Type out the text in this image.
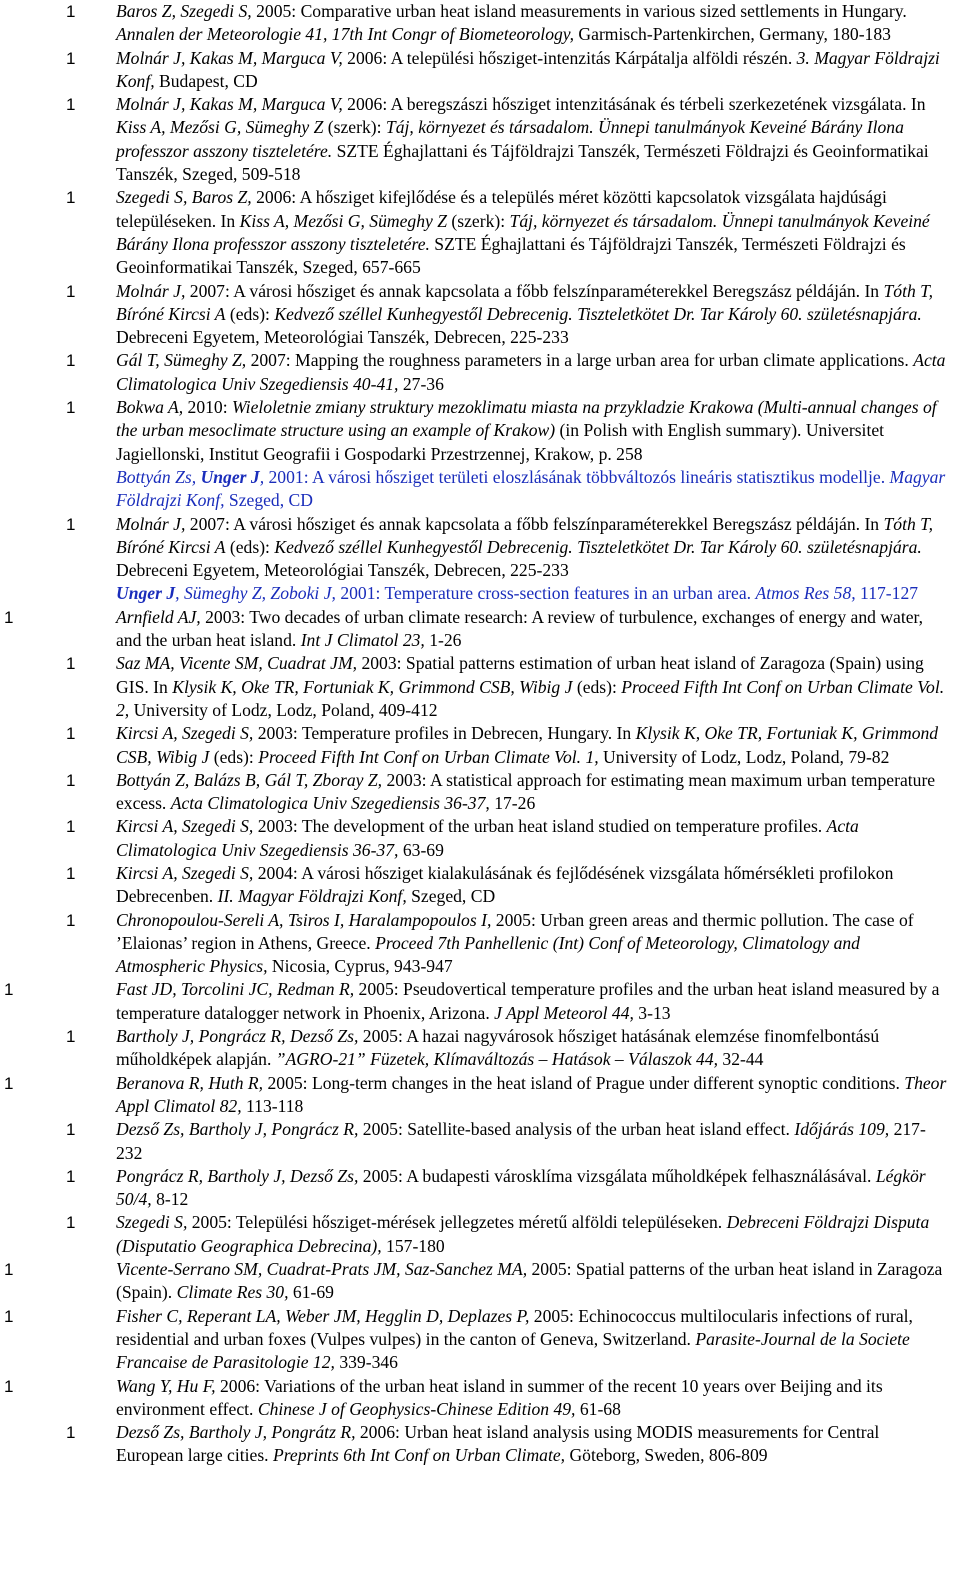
1 Baros Z, Szegedi S, 2005: Comparative urban heat island measurements in various sized settlements in Hungary. Annalen der Meteorologie 41, 17th Int Congr of Biometeorology, Garmisch-Partenkirchen, Germany, 180-183
1 Molnár J, Kakas M, Marguca V, 2006: A települési hősziget-intenzitás Kárpátalja alföldi részén. 3. Magyar Földrajzi Konf, Budapest, CD
1 Molnár J, Kakas M, Marguca V, 2006: A beregszászi hősziget intenzitásának és térbeli szerkezetének vizsgálata. In Kiss A, Mezősi G, Sümeghy Z (szerk): Táj, környezet és társadalom. Ünnepi tanulmányok Keveiné Bárány Ilona professzor asszony tiszteletére. SZTE Éghajlattani és Tájföldrajzi Tanszék, Természeti Földrajzi és Geoinformatikai Tanszék, Szeged, 509-518
1 Szegedi S, Baros Z, 2006: A hősziget kifejlődése és a település méret közötti kapcsolatok vizsgálata hajdúsági településeken. In Kiss A, Mezősi G, Sümeghy Z (szerk): Táj, környezet és társadalom. Ünnepi tanulmányok Keveiné Bárány Ilona professzor asszony tiszteletére. SZTE Éghajlattani és Tájföldrajzi Tanszék, Természeti Földrajzi és Geoinformatikai Tanszék, Szeged, 657-665
1 Molnár J, 2007: A városi hősziget és annak kapcsolata a főbb felszínparaméterekkel Beregszász példáján. In Tóth T, Bíróné Kircsi A (eds): Kedvező széllel Kunhegyestől Debrecenig. Tiszteletkötet Dr. Tar Károly 60. születésnapjára. Debreceni Egyetem, Meteorológiai Tanszék, Debrecen, 225-233
1 Gál T, Sümeghy Z, 2007: Mapping the roughness parameters in a large urban area for urban climate applications. Acta Climatologica Univ Szegediensis 40-41, 27-36
1 Bokwa A, 2010: Wieloletnie zmiany struktury mezoklimatu miasta na przykladzie Krakowa (Multi-annual changes of the urban mesoclimate structure using an example of Krakow) (in Polish with English summary). Universitet Jagiellonski, Institut Geografii i Gospodarki Przestrzennej, Krakow, p. 258
Bottyán Zs, Unger J, 2001: A városi hősziget területi eloszlásának többváltozós lineáris statisztikus modellje. Magyar Földrajzi Konf, Szeged, CD
1 Molnár J, 2007: A városi hősziget és annak kapcsolata a főbb felszínparaméterekkel Beregszász példáján. In Tóth T, Bíróné Kircsi A (eds): Kedvező széllel Kunhegyestől Debrecenig. Tiszteletkötet Dr. Tar Károly 60. születésnapjára. Debreceni Egyetem, Meteorológiai Tanszék, Debrecen, 225-233
Unger J, Sümeghy Z, Zoboki J, 2001: Temperature cross-section features in an urban area. Atmos Res 58, 117-127
1	Arnfield AJ, 2003: Two decades of urban climate research: A review of turbulence, exchanges of energy and water, and the urban heat island. Int J Climatol 23, 1-26
1 Saz MA, Vicente SM, Cuadrat JM, 2003: Spatial patterns estimation of urban heat island of Zaragoza (Spain) using GIS. In Klysik K, Oke TR, Fortuniak K, Grimmond CSB, Wibig J (eds): Proceed Fifth Int Conf on Urban Climate Vol. 2, University of Lodz, Lodz, Poland, 409-412
1 Kircsi A, Szegedi S, 2003: Temperature profiles in Debrecen, Hungary. In Klysik K, Oke TR, Fortuniak K, Grimmond CSB, Wibig J (eds): Proceed Fifth Int Conf on Urban Climate Vol. 1, University of Lodz, Lodz, Poland, 79-82
1 Bottyán Z, Balázs B, Gál T, Zboray Z, 2003: A statistical approach for estimating mean maximum urban temperature excess. Acta Climatologica Univ Szegediensis 36-37, 17-26
1 Kircsi A, Szegedi S, 2003: The development of the urban heat island studied on temperature profiles. Acta Climatologica Univ Szegediensis 36-37, 63-69
1 Kircsi A, Szegedi S, 2004: A városi hősziget kialakulásának és fejlődésének vizsgálata hőmérsékleti profilokon Debrecenben. II. Magyar Földrajzi Konf, Szeged, CD
1 Chronopoulou-Sereli A, Tsiros I, Haralampopoulos I, 2005: Urban green areas and thermic pollution. The case of ’Elaionas’ region in Athens, Greece. Proceed 7th Panhellenic (Int) Conf of Meteorology, Climatology and Atmospheric Physics, Nicosia, Cyprus, 943-947
1	Fast JD, Torcolini JC, Redman R, 2005: Pseudovertical temperature profiles and the urban heat island measured by a temperature datalogger network in Phoenix, Arizona. J Appl Meteorol 44, 3-13
1 Bartholy J, Pongrácz R, Dezső Zs, 2005: A hazai nagyvárosok hősziget hatásának elemzése finomfelbontású műholdképek alapján. ”AGRO-21” Füzetek, Klímaváltozás – Hatások – Válaszok 44, 32-44
1	Beranova R, Huth R, 2005: Long-term changes in the heat island of Prague under different synoptic conditions. Theor Appl Climatol 82, 113-118
1 Dezső Zs, Bartholy J, Pongrácz R, 2005: Satellite-based analysis of the urban heat island effect. Időjárás 109, 217-232
1 Pongrácz R, Bartholy J, Dezső Zs, 2005: A budapesti városklíma vizsgálata műholdképek felhasználásával. Légkör 50/4, 8-12
1 Szegedi S, 2005: Települési hősziget-mérések jellegzetes méretű alföldi településeken. Debreceni Földrajzi Disputa (Disputatio Geographica Debrecina), 157-180
1	Vicente-Serrano SM, Cuadrat-Prats JM, Saz-Sanchez MA, 2005: Spatial patterns of the urban heat island in Zaragoza (Spain). Climate Res 30, 61-69
1	Fisher C, Reperant LA, Weber JM, Hegglin D, Deplazes P, 2005: Echinococcus multilocularis infections of rural, residential and urban foxes (Vulpes vulpes) in the canton of Geneva, Switzerland. Parasite-Journal de la Societe Francaise de Parasitologie 12, 339-346
1	Wang Y, Hu F, 2006: Variations of the urban heat island in summer of the recent 10 years over Beijing and its environment effect. Chinese J of Geophysics-Chinese Edition 49, 61-68
1 Dezső Zs, Bartholy J, Pongrátz R, 2006: Urban heat island analysis using MODIS measurements for Central European large cities. Preprints 6th Int Conf on Urban Climate, Göteborg, Sweden, 806-809
